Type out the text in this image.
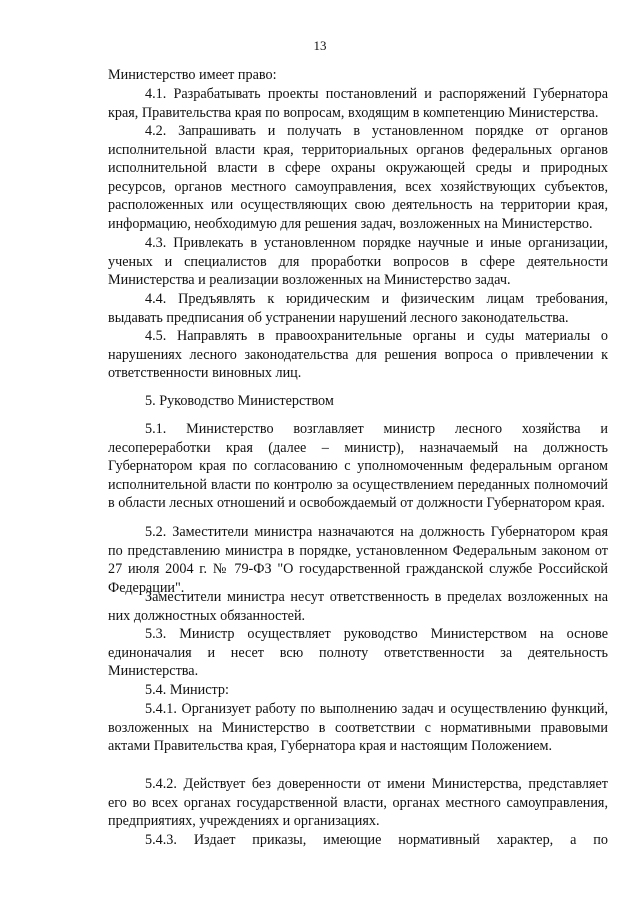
13
Министерство имеет право:
4.1. Разрабатывать проекты постановлений и распоряжений Губернатора края, Правительства края по вопросам, входящим в компетенцию Министерства.
4.2. Запрашивать и получать в установленном порядке от органов исполнительной власти края, территориальных органов федеральных органов исполнительной власти в сфере охраны окружающей среды и природных ресурсов, органов местного самоуправления, всех хозяйствующих субъектов, расположенных или осуществляющих свою деятельность на территории края, информацию, необходимую для решения задач, возложенных на Министерство.
4.3. Привлекать в установленном порядке научные и иные организации, ученых и специалистов для проработки вопросов в сфере деятельности Министерства и реализации возложенных на Министерство задач.
4.4. Предъявлять к юридическим и физическим лицам требования, выдавать предписания об устранении нарушений лесного законодательства.
4.5. Направлять в правоохранительные органы и суды материалы о нарушениях лесного законодательства для решения вопроса о привлечении к ответственности виновных лиц.
5. Руководство Министерством
5.1. Министерство возглавляет министр лесного хозяйства и лесопереработки края (далее – министр), назначаемый на должность Губернатором края по согласованию с уполномоченным федеральным органом исполнительной власти по контролю за осуществлением переданных полномочий в области лесных отношений и освобождаемый от должности Губернатором края.
5.2. Заместители министра назначаются на должность Губернатором края по представлению министра в порядке, установленном Федеральным законом от 27 июля 2004 г. № 79-ФЗ "О государственной гражданской службе Российской Федерации".
Заместители министра несут ответственность в пределах возложенных на них должностных обязанностей.
5.3. Министр осуществляет руководство Министерством на основе единоначалия и несет всю полноту ответственности за деятельность Министерства.
5.4. Министр:
5.4.1. Организует работу по выполнению задач и осуществлению функций, возложенных на Министерство в соответствии с нормативными правовыми актами Правительства края, Губернатора края и настоящим Положением.
5.4.2. Действует без доверенности от имени Министерства, представляет его во всех органах государственной власти, органах местного самоуправления, предприятиях, учреждениях и организациях.
5.4.3. Издает приказы, имеющие нормативный характер, а по
